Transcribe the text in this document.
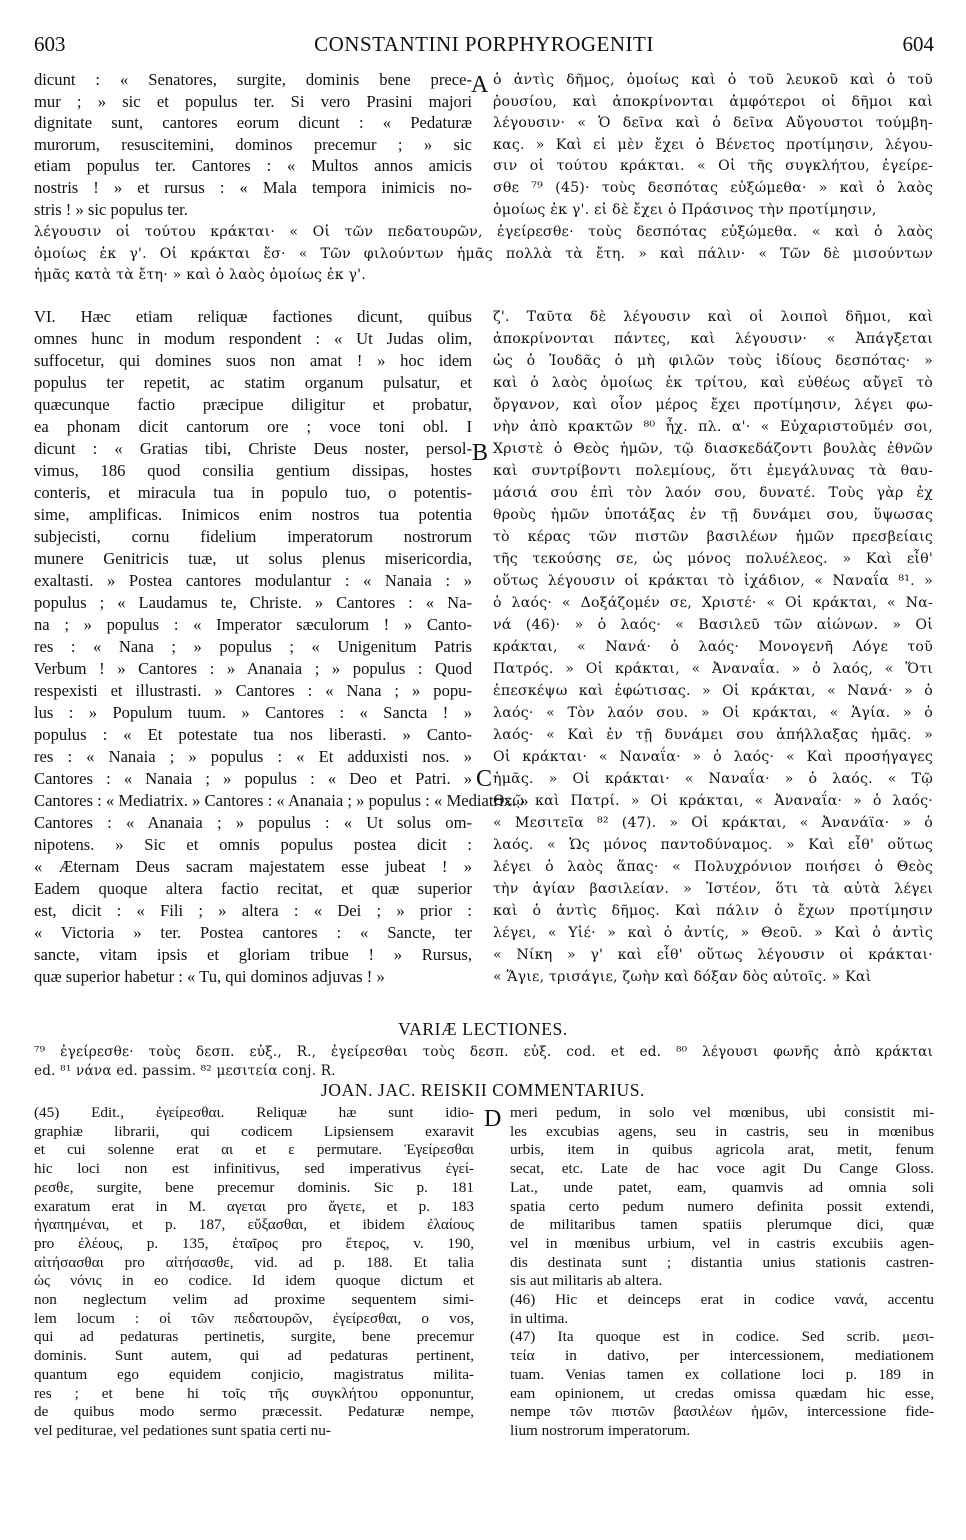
603	CONSTANTINI PORPHYROGENITI	604
dicunt : « Senatores, surgite, dominis bene prece-
mur ; » sic et populus ter. Si vero Prasini majori
dignitate sunt, cantores eorum dicunt : « Pedaturæ
murorum, resuscitemini, dominos precemur ; » sic
etiam populus ter. Cantores : « Multos annos amicis
nostris ! » et rursus : « Mala tempora inimicis no-
stris ! » sic populus ter.
ὁ ἀντὶς δῆμος, ὁμοίως καὶ ὁ τοῦ λευκοῦ καὶ ὁ τοῦ
ῥουσίου, καὶ ἀποκρίνονται ἀμφότεροι οἱ δῆμοι καὶ
λέγουσιν· « Ὁ δεῖνα καὶ ὁ δεῖνα Αὔγουστοι τούμβη-
κας. » Καὶ εἰ μὲν ἔχει ὁ Βένετος προτίμησιν, λέγου-
σιν οἱ τούτου κράκται. « Οἱ τῆς συγκλήτου, ἐγείρε-
σθε ⁷⁹ (45)· τοὺς δεσπότας εὐξώμεθα· » καὶ ὁ λαὸς
ὁμοίως ἐκ γ'. εἰ δὲ ἔχει ὁ Πράσινος τὴν προτίμησιν,
λέγουσιν οἱ τούτου κράκται· « Οἱ τῶν πεδατουρῶν, ἐγείρεσθε· τοὺς δεσπότας εὐξώμεθα. « καὶ ὁ λαὸς
ὁμοίως ἐκ γ'. Οἱ κράκται ἔσ· « Τῶν φιλούντων ἡμᾶς πολλὰ τὰ ἔτη. » καὶ πάλιν· « Τῶν δὲ μισούντων
ἡμᾶς κατὰ τὰ ἔτη· » καὶ ὁ λαὸς ὁμοίως ἐκ γ'.
VI. Hæc etiam reliquæ factiones dicunt, quibus
omnes hunc in modum respondent : « Ut Judas olim,
suffocetur, qui domines suos non amat ! » hoc idem
populus ter repetit, ac statim organum pulsatur, et
quæcunque factio præcipue diligitur et probatur,
ea phonam dicit cantorum ore ; voce toni obl. I
dicunt : « Gratias tibi, Christe Deus noster, persol-
vimus, 186 quod consilia gentium dissipas, hostes
conteris, et miracula tua in populo tuo, o potentis-
sime, amplificas. Inimicos enim nostros tua potentia
subjecisti, cornu fidelium imperatorum nostrorum
munere Genitricis tuæ, ut solus plenus misericordia,
exaltasti. » Postea cantores modulantur : « Nanaia : »
populus ; « Laudamus te, Christe. » Cantores : « Na-
na ; » populus : « Imperator sæculorum ! » Canto-
res : « Nana ; » populus ; « Unigenitum Patris
Verbum ! » Cantores : » Ananaia ; » populus : Quod
respexisti et illustrasti. » Cantores : « Nana ; » popu-
lus : » Populum tuum. » Cantores : « Sancta ! »
populus : « Et potestate tua nos liberasti. » Canto-
res : « Nanaia ; » populus : « Et adduxisti nos. »
Cantores : « Nanaia ; » populus : « Deo et Patri. »
Cantores : « Mediatrix. » Cantores : « Ananaia ; » populus : « Mediatrix. »
Cantores : « Ananaia ; » populus : « Ut solus om-
nipotens. » Sic et omnis populus postea dicit :
« Æternam Deus sacram majestatem esse jubeat ! »
Eadem quoque altera factio recitat, et quæ superior
est, dicit : « Fili ; » altera : « Dei ; » prior :
« Victoria » ter. Postea cantores : « Sancte, ter
sancte, vitam ipsis et gloriam tribue ! » Rursus,
quæ superior habetur : « Tu, qui dominos adjuvas ! »
ζ'. Ταῦτα δὲ λέγουσιν καὶ οἱ λοιποὶ δῆμοι, καὶ
ἀποκρίνονται πάντες, καὶ λέγουσιν· « Ἀπάγξεται
ὡς ὁ Ἰουδᾶς ὁ μὴ φιλῶν τοὺς ἰδίους δεσπότας· »
καὶ ὁ λαὸς ὁμοίως ἐκ τρίτου, καὶ εὐθέως αὔγεῖ τὸ
ὄργανον, καὶ οἷον μέρος ἔχει προτίμησιν, λέγει φω-
νὴν ἀπὸ κρακτῶν ⁸⁰ ἦχ. πλ. α'· « Εὐχαριστοῦμέν σοι,
Χριστὲ ὁ Θεὸς ἡμῶν, τῷ διασκεδάζοντι βουλὰς ἐθνῶν
καὶ συντρίβοντι πολεμίους, ὅτι ἐμεγάλυνας τὰ θαυ-
μάσιά σου ἐπὶ τὸν λαόν σου, δυνατέ. Τοὺς γὰρ ἐχ
θροὺς ἡμῶν ὑποτάξας ἐν τῇ δυνάμει σου, ὕψωσας
τὸ κέρας τῶν πιστῶν βασιλέων ἡμῶν πρεσβείαις
τῆς τεκούσης σε, ὡς μόνος πολυέλεος. » Καὶ εἶθ'
οὕτως λέγουσιν οἱ κράκται τὸ ἰχάδιον, « Ναναΐα ⁸¹. »
ὁ λαός· « Δοξάζομέν σε, Χριστέ· « Οἱ κράκται, « Να-
νά (46)· » ὁ λαός· « Βασιλεῦ τῶν αἰώνων. » Οἱ
κράκται, « Νανά· ὁ λαός· Μονογενῆ Λόγε τοῦ
Πατρός. » Οἱ κράκται, « Ἀναναΐα. » ὁ λαός, « Ὅτι
ἐπεσκέψω καὶ ἐφώτισας. » Οἱ κράκται, « Νανά· » ὁ
λαός· « Τὸν λαόν σου. » Οἱ κράκται, « Ἁγία. » ὁ
λαός· « Καὶ ἐν τῇ δυνάμει σου ἀπήλλαξας ἡμᾶς. »
Οἱ κράκται· « Ναναΐα· » ὁ λαός· « Καὶ προσήγαγες
ἡμᾶς. » Οἱ κράκται· « Ναναΐα· » ὁ λαός. « Τῷ
Θεῷ καὶ Πατρί. » Οἱ κράκται, « Ἀναναΐα· » ὁ λαός·
« Μεσιτεῖα ⁸² (47). » Οἱ κράκται, « Ἀνανάϊα· » ὁ
λαός. « Ὡς μόνος παντοδύναμος. » Καὶ εἶθ' οὕτως
λέγει ὁ λαὸς ἅπας· « Πολυχρόνιον ποιήσει ὁ Θεὸς
τὴν ἁγίαν βασιλείαν. » Ἰστέον, ὅτι τὰ αὐτὰ λέγει
καὶ ὁ ἀντὶς δῆμος. Καὶ πάλιν ὁ ἔχων προτίμησιν
λέγει, « Υἱέ· » καὶ ὁ ἀντίς, » Θεοῦ. » Καὶ ὁ ἀντὶς
« Νίκη » γ' καὶ εἶθ' οὕτως λέγουσιν οἱ κράκται·
« Ἅγιε, τρισάγιε, ζωὴν καὶ δόξαν δὸς αὐτοῖς. » Καὶ
⁷⁹ ἐγείρεσθε· τοὺς δεσπ. εὐξ., R., ἐγείρεσθαι τοὺς δεσπ. εὐξ. cod. et ed. ⁸⁰ λέγουσι φωνῆς ἀπὸ κράκται
ed. ⁸¹ νάνα ed. passim. ⁸² μεσιτεία conj. R.
(45) Edit., ἐγείρεσθαι. Reliquæ hæ sunt idio-
graphiæ librarii, qui codicem Lipsiensem exaravit
et cui solenne erat αι et ε permutare. Ἐγείρεσθαι
hic loci non est infinitivus, sed imperativus ἐγεί-
ρεσθε, surgite, bene precemur dominis. Sic p. 181
exaratum erat in M. αγεται pro ἄγετε, et p. 183
ἠγαπημέναι, et p. 187, εὔξασθαι, et ibidem ἐλαίους
pro ἐλέους, p. 135, ἑταῖρος pro ἕτερος, v. 190,
αἰτήσασθαι pro αἰτήσασθε, vid. ad p. 188. Et talia
ὡς νόνις in eo codice. Id idem quoque dictum et
non neglectum velim ad proxime sequentem simi-
lem locum : οἱ τῶν πεδατουρῶν, ἐγείρεσθαι, o vos,
qui ad pedaturas pertinetis, surgite, bene precemur
dominis. Sunt autem, qui ad pedaturas pertinent,
quantum ego equidem conjicio, magistratus milita-
res ; et bene hi τοῖς τῆς συγκλήτου opponuntur,
de quibus modo sermo præcessit. Pedaturæ nempe,
vel pediturae, vel pedationes sunt spatia certi nu-
meri pedum, in solo vel mœnibus, ubi consistit mi-
les excubias agens, seu in castris, seu in mœnibus
urbis, item in quibus agricola arat, metit, fenum
secat, etc. Late de hac voce agit Du Cange Gloss.
Lat., unde patet, eam, quamvis ad omnia soli
spatia certo pedum numero definita possit extendi,
de militaribus tamen spatiis plerumque dici, quæ
vel in mœnibus urbium, vel in castris excubiis agen-
dis destinata sunt ; distantia unius stationis castren-
sis aut militaris ab altera.
(46) Hic et deinceps erat in codice νανά, accentu
in ultima.
(47) Ita quoque est in codice. Sed scrib. μεσι-
τεία in dativo, per intercessionem, mediationem
tuam. Venias tamen ex collatione loci p. 189 in
eam opinionem, ut credas omissa quædam hic esse,
nempe τῶν πιστῶν βασιλέων ἡμῶν, intercessione fide-
lium nostrorum imperatorum.
A
B
C
D
VARIÆ LECTIONES.
JOAN. JAC. REISKII COMMENTARIUS.
